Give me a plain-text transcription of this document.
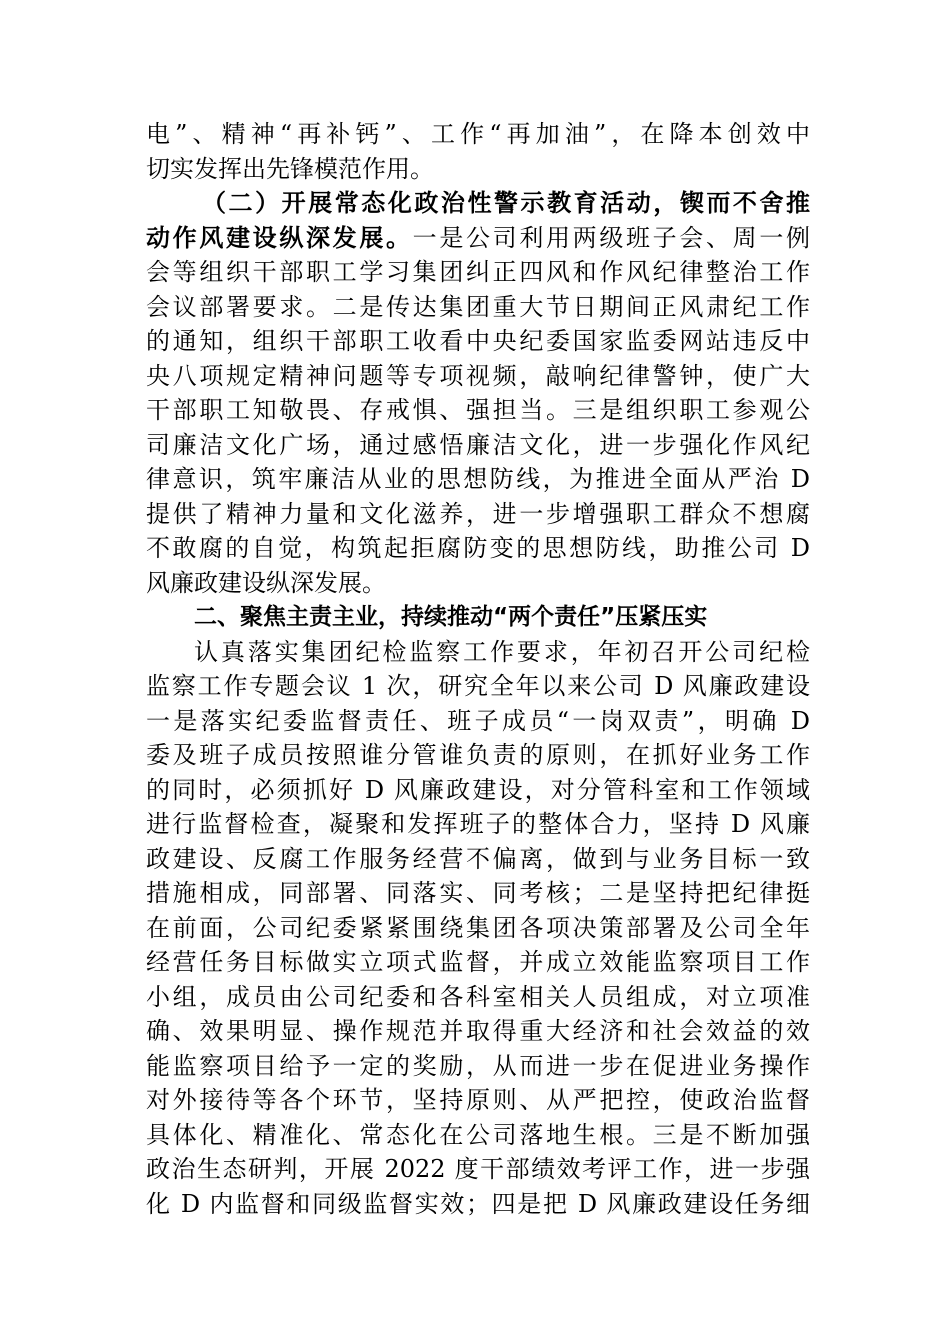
电”、精神“再补钙”、工作“再加油”，在降本创效中
切实发挥出先锋模范作用。
（二）开展常态化政治性警示教育活动，锲而不舍推
动作风建设纵深发展。一是公司利用两级班子会、周一例
会等组织干部职工学习集团纠正四风和作风纪律整治工作
会议部署要求。二是传达集团重大节日期间正风肃纪工作
的通知，组织干部职工收看中央纪委国家监委网站违反中
央八项规定精神问题等专项视频，敲响纪律警钟，使广大
干部职工知敬畏、存戒惧、强担当。三是组织职工参观公
司廉洁文化广场，通过感悟廉洁文化，进一步强化作风纪
律意识，筑牢廉洁从业的思想防线，为推进全面从严治 D
提供了精神力量和文化滋养，进一步增强职工群众不想腐
不敢腐的自觉，构筑起拒腐防变的思想防线，助推公司 D
风廉政建设纵深发展。
二、聚焦主责主业，持续推动“两个责任”压紧压实
认真落实集团纪检监察工作要求，年初召开公司纪检
监察工作专题会议 1 次，研究全年以来公司 D 风廉政建设
一是落实纪委监督责任、班子成员“一岗双责”，明确 D
委及班子成员按照谁分管谁负责的原则，在抓好业务工作
的同时，必须抓好 D 风廉政建设，对分管科室和工作领域
进行监督检查，凝聚和发挥班子的整体合力，坚持 D 风廉
政建设、反腐工作服务经营不偏离，做到与业务目标一致
措施相成，同部署、同落实、同考核；二是坚持把纪律挺
在前面，公司纪委紧紧围绕集团各项决策部署及公司全年
经营任务目标做实立项式监督，并成立效能监察项目工作
小组，成员由公司纪委和各科室相关人员组成，对立项准
确、效果明显、操作规范并取得重大经济和社会效益的效
能监察项目给予一定的奖励，从而进一步在促进业务操作
对外接待等各个环节，坚持原则、从严把控，使政治监督
具体化、精准化、常态化在公司落地生根。三是不断加强
政治生态研判，开展 2022 度干部绩效考评工作，进一步强
化 D 内监督和同级监督实效；四是把 D 风廉政建设任务细
